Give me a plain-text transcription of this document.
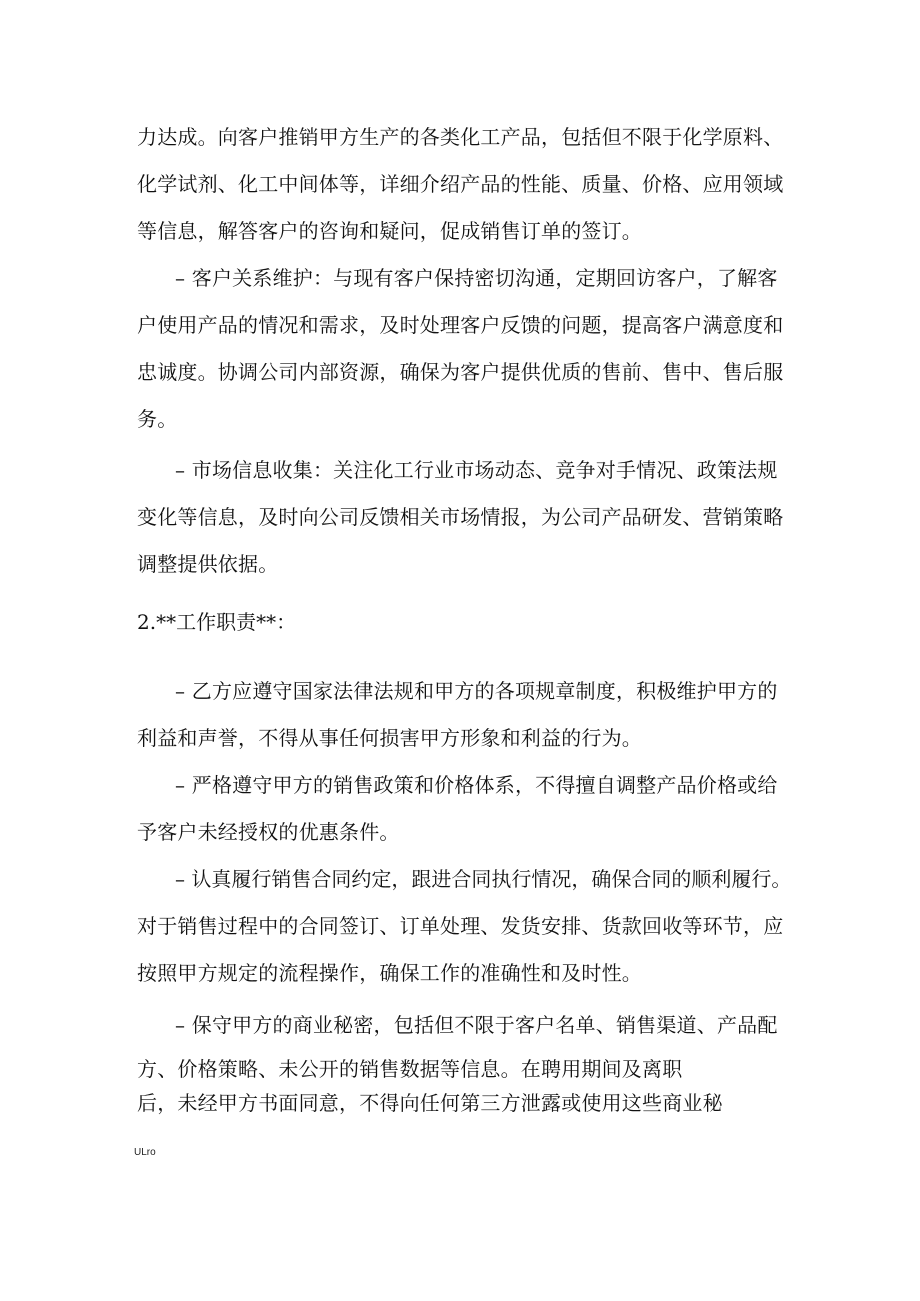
力达成。向客户推销甲方生产的各类化工产品，包括但不限于化学原料、
化学试剂、化工中间体等，详细介绍产品的性能、质量、价格、应用领域
等信息，解答客户的咨询和疑问，促成销售订单的签订。
– 客户关系维护：与现有客户保持密切沟通，定期回访客户，了解客
户使用产品的情况和需求，及时处理客户反馈的问题，提高客户满意度和
忠诚度。协调公司内部资源，确保为客户提供优质的售前、售中、售后服
务。
– 市场信息收集：关注化工行业市场动态、竞争对手情况、政策法规
变化等信息，及时向公司反馈相关市场情报，为公司产品研发、营销策略
调整提供依据。
2.**工作职责**：
– 乙方应遵守国家法律法规和甲方的各项规章制度，积极维护甲方的
利益和声誉，不得从事任何损害甲方形象和利益的行为。
– 严格遵守甲方的销售政策和价格体系，不得擅自调整产品价格或给
予客户未经授权的优惠条件。
– 认真履行销售合同约定，跟进合同执行情况，确保合同的顺利履行。
对于销售过程中的合同签订、订单处理、发货安排、货款回收等环节，应
按照甲方规定的流程操作，确保工作的准确性和及时性。
– 保守甲方的商业秘密，包括但不限于客户名单、销售渠道、产品配
方、价格策略、未公开的销售数据等信息。在聘用期间及离职
后，未经甲方书面同意，不得向任何第三方泄露或使用这些商业秘
ULro
